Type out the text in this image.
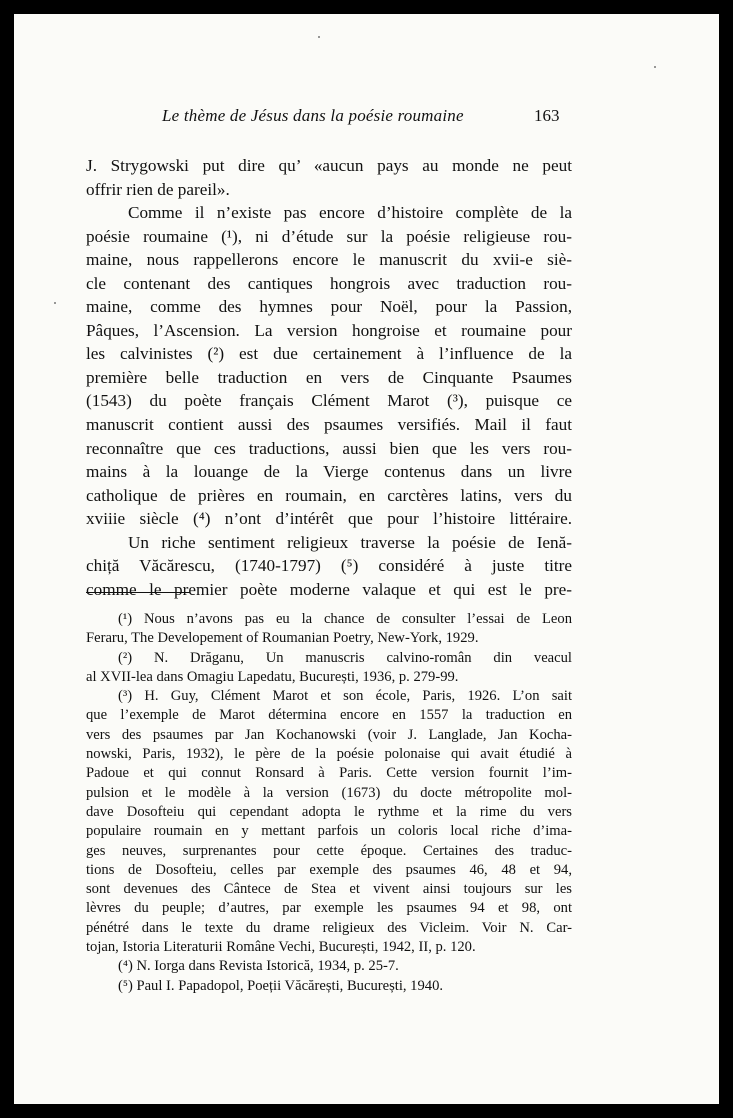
Le thème de Jésus dans la poésie roumaine	163
J. Strygowski put dire qu’ «aucun pays au monde ne peut
offrir rien de pareil».
Comme il n’existe pas encore d’histoire complète de la
poésie roumaine (¹), ni d’étude sur la poésie religieuse rou-
maine, nous rappellerons encore le manuscrit du xvii-e siè-
cle contenant des cantiques hongrois avec traduction rou-
maine, comme des hymnes pour Noël, pour la Passion,
Pâques, l’Ascension. La version hongroise et roumaine pour
les calvinistes (²) est due certainement à l’influence de la
première belle traduction en vers de Cinquante Psaumes
(1543) du poète français Clément Marot (³), puisque ce
manuscrit contient aussi des psaumes versifiés. Mail il faut
reconnaître que ces traductions, aussi bien que les vers rou-
mains à la louange de la Vierge contenus dans un livre
catholique de prières en roumain, en carctères latins, vers du
xviiie siècle (⁴) n’ont d’intérêt que pour l’histoire littéraire.
Un riche sentiment religieux traverse la poésie de Ienă-
chiță Văcărescu, (1740-1797) (⁵) considéré à juste titre
comme le premier poète moderne valaque et qui est le pre-
(¹) Nous n’avons pas eu la chance de consulter l’essai de Leon
Feraru, The Developement of Roumanian Poetry, New-York, 1929.
(²) N. Drăganu, Un manuscris calvino-român din veacul
al XVII-lea dans Omagiu Lapedatu, București, 1936, p. 279-99.
(³) H. Guy, Clément Marot et son école, Paris, 1926. L’on sait
que l’exemple de Marot détermina encore en 1557 la traduction en
vers des psaumes par Jan Kochanowski (voir J. Langlade, Jan Kocha-
nowski, Paris, 1932), le père de la poésie polonaise qui avait étudié à
Padoue et qui connut Ronsard à Paris. Cette version fournit l’im-
pulsion et le modèle à la version (1673) du docte métropolite mol-
dave Dosofteiu qui cependant adopta le rythme et la rime du vers
populaire roumain en y mettant parfois un coloris local riche d’ima-
ges neuves, surprenantes pour cette époque. Certaines des traduc-
tions de Dosofteiu, celles par exemple des psaumes 46, 48 et 94,
sont devenues des Cântece de Stea et vivent ainsi toujours sur les
lèvres du peuple; d’autres, par exemple les psaumes 94 et 98, ont
pénétré dans le texte du drame religieux des Vicleim. Voir N. Car-
tojan, Istoria Literaturii Române Vechi, București, 1942, II, p. 120.
(⁴) N. Iorga dans Revista Istorică, 1934, p. 25-7.
(⁵) Paul I. Papadopol, Poeții Văcărești, București, 1940.
